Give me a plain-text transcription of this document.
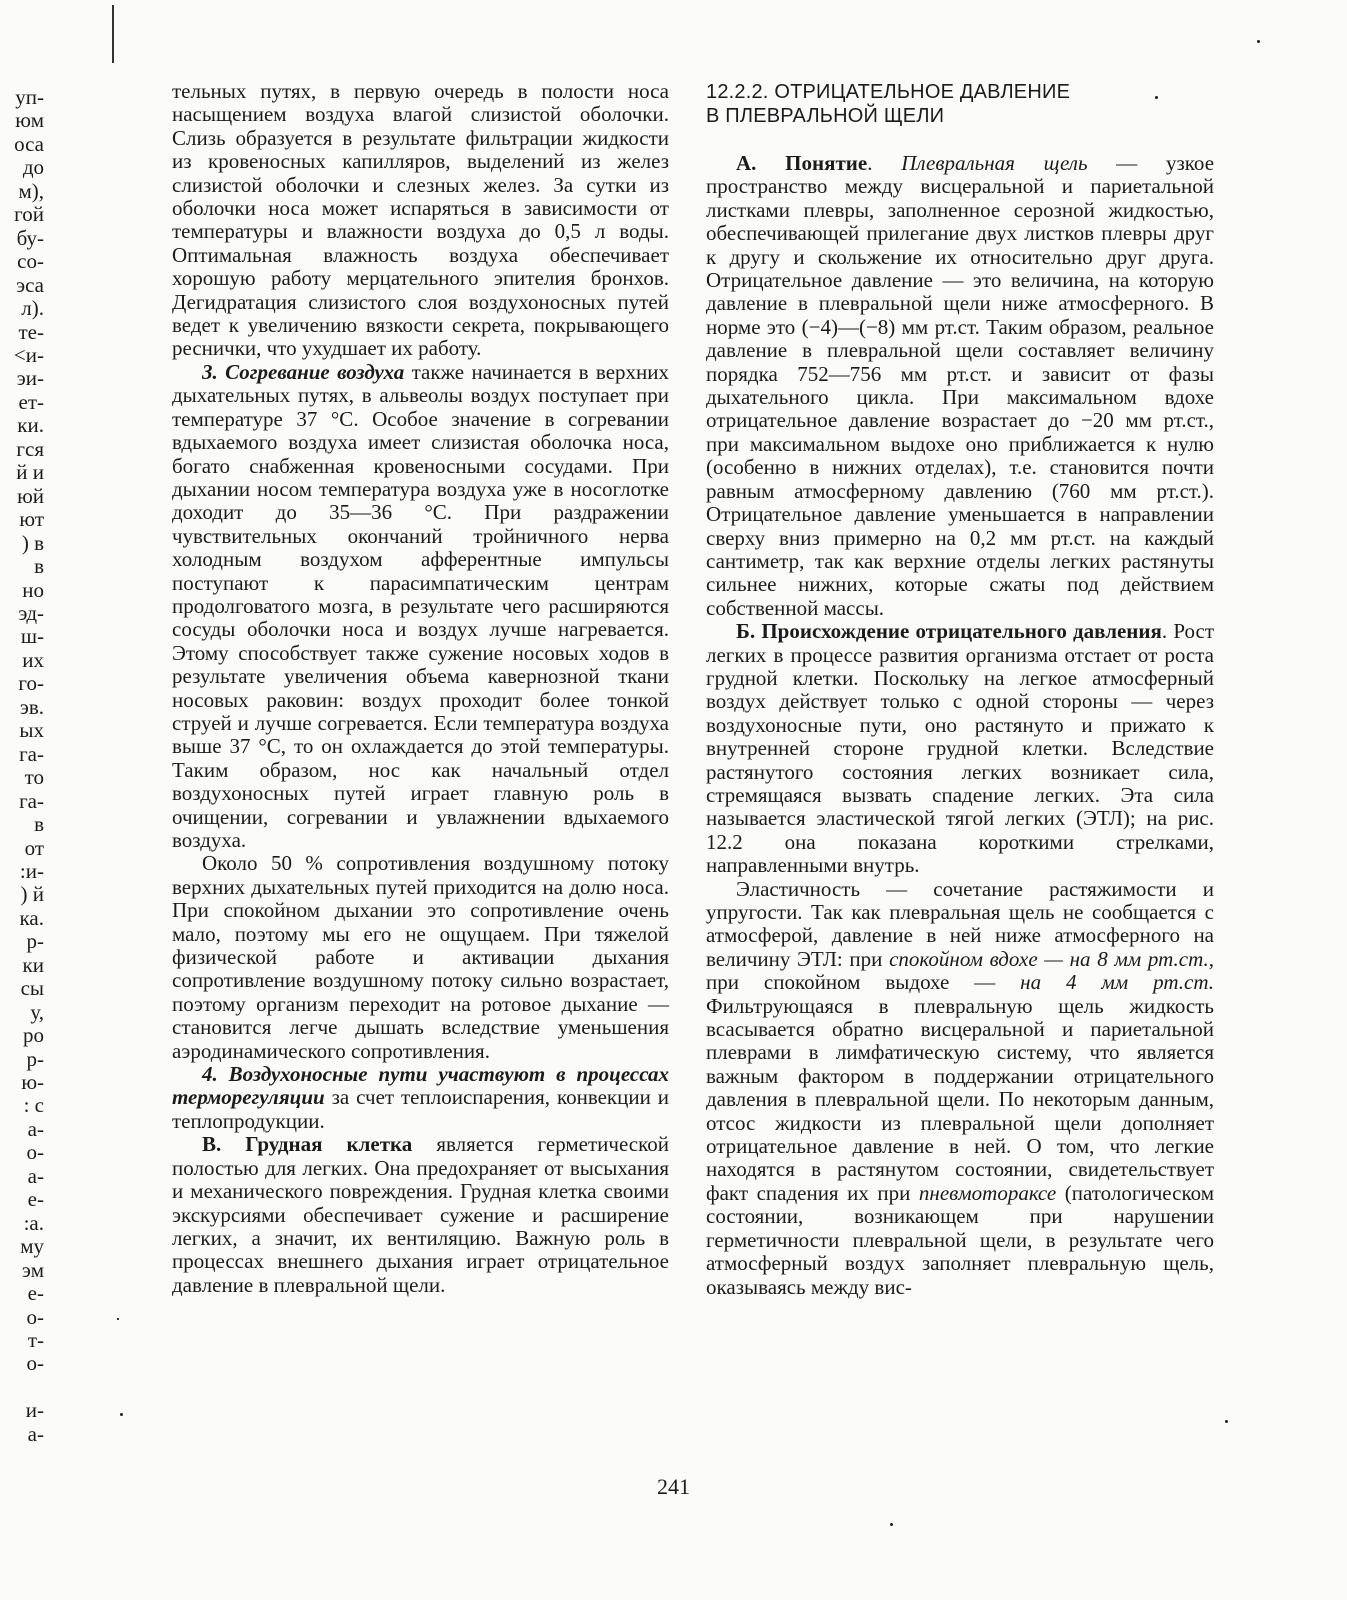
уп-
юм
оса
до
м),
гой
бу-
со-
эса
л).
те-
<и-
эи-
ет-
ки.
гся
й и
юй
ют
) в
в
но
эд-
ш-
их
го-
эв.
ых
га-
то
га-
в
от
:и-
) й
ка.
р-
ки
сы
у,
ро
р-
ю-
: с
а-
о-
а-
е-
:а.
му
эм
е-
о-
т-
о-

и-
а-

тельных путях, в первую очередь в полости носа насыщением воздуха влагой слизистой оболочки. Слизь образуется в результате фильтрации жидкости из кровеносных капилляров, выделений из желез слизистой оболочки и слезных желез. За сутки из оболочки носа может испаряться в зависимости от температуры и влажности воздуха до 0,5 л воды. Оптимальная влажность воздуха обеспечивает хорошую работу мерцательного эпителия бронхов. Дегидратация слизистого слоя воздухоносных путей ведет к увеличению вязкости секрета, покрывающего реснички, что ухудшает их работу.

3. Согревание воздуха также начинается в верхних дыхательных путях, в альвеолы воздух поступает при температуре 37 °С. Особое значение в согревании вдыхаемого воздуха имеет слизистая оболочка носа, богато снабженная кровеносными сосудами. При дыхании носом температура воздуха уже в носоглотке доходит до 35—36 °С. При раздражении чувствительных окончаний тройничного нерва холодным воздухом афферентные импульсы поступают к парасимпатическим центрам продолговатого мозга, в результате чего расширяются сосуды оболочки носа и воздух лучше нагревается. Этому способствует также сужение носовых ходов в результате увеличения объема кавернозной ткани носовых раковин: воздух проходит более тонкой струей и лучше согревается. Если температура воздуха выше 37 °С, то он охлаждается до этой температуры. Таким образом, нос как начальный отдел воздухоносных путей играет главную роль в очищении, согревании и увлажнении вдыхаемого воздуха.

Около 50 % сопротивления воздушному потоку верхних дыхательных путей приходится на долю носа. При спокойном дыхании это сопротивление очень мало, поэтому мы его не ощущаем. При тяжелой физической работе и активации дыхания сопротивление воздушному потоку сильно возрастает, поэтому организм переходит на ротовое дыхание — становится легче дышать вследствие уменьшения аэродинамического сопротивления.

4. Воздухоносные пути участвуют в процессах терморегуляции за счет теплоиспарения, конвекции и теплопродукции.

В. Грудная клетка является герметической полостью для легких. Она предохраняет от высыхания и механического повреждения. Грудная клетка своими экскурсиями обеспечивает сужение и расширение легких, а значит, их вентиляцию. Важную роль в процессах внешнего дыхания играет отрицательное давление в плевральной щели.

12.2.2. ОТРИЦАТЕЛЬНОЕ ДАВЛЕНИЕ
В ПЛЕВРАЛЬНОЙ ЩЕЛИ

А. Понятие. Плевральная щель — узкое пространство между висцеральной и париетальной листками плевры, заполненное серозной жидкостью, обеспечивающей прилегание двух листков плевры друг к другу и скольжение их относительно друг друга. Отрицательное давление — это величина, на которую давление в плевральной щели ниже атмосферного. В норме это (−4)—(−8) мм рт.ст. Таким образом, реальное давление в плевральной щели составляет величину порядка 752—756 мм рт.ст. и зависит от фазы дыхательного цикла. При максимальном вдохе отрицательное давление возрастает до −20 мм рт.ст., при максимальном выдохе оно приближается к нулю (особенно в нижних отделах), т.е. становится почти равным атмосферному давлению (760 мм рт.ст.). Отрицательное давление уменьшается в направлении сверху вниз примерно на 0,2 мм рт.ст. на каждый сантиметр, так как верхние отделы легких растянуты сильнее нижних, которые сжаты под действием собственной массы.

Б. Происхождение отрицательного давления. Рост легких в процессе развития организма отстает от роста грудной клетки. Поскольку на легкое атмосферный воздух действует только с одной стороны — через воздухоносные пути, оно растянуто и прижато к внутренней стороне грудной клетки. Вследствие растянутого состояния легких возникает сила, стремящаяся вызвать спадение легких. Эта сила называется эластической тягой легких (ЭТЛ); на рис. 12.2 она показана короткими стрелками, направленными внутрь.

Эластичность — сочетание растяжимости и упругости. Так как плевральная щель не сообщается с атмосферой, давление в ней ниже атмосферного на величину ЭТЛ: при спокойном вдохе — на 8 мм рт.ст., при спокойном выдохе — на 4 мм рт.ст. Фильтрующаяся в плевральную щель жидкость всасывается обратно висцеральной и париетальной плеврами в лимфатическую систему, что является важным фактором в поддержании отрицательного давления в плевральной щели. По некоторым данным, отсос жидкости из плевральной щели дополняет отрицательное давление в ней. О том, что легкие находятся в растянутом состоянии, свидетельствует факт спадения их при пневмотораксе (патологическом состоянии, возникающем при нарушении герметичности плевральной щели, в результате чего атмосферный воздух заполняет плевральную щель, оказываясь между вис-

241
